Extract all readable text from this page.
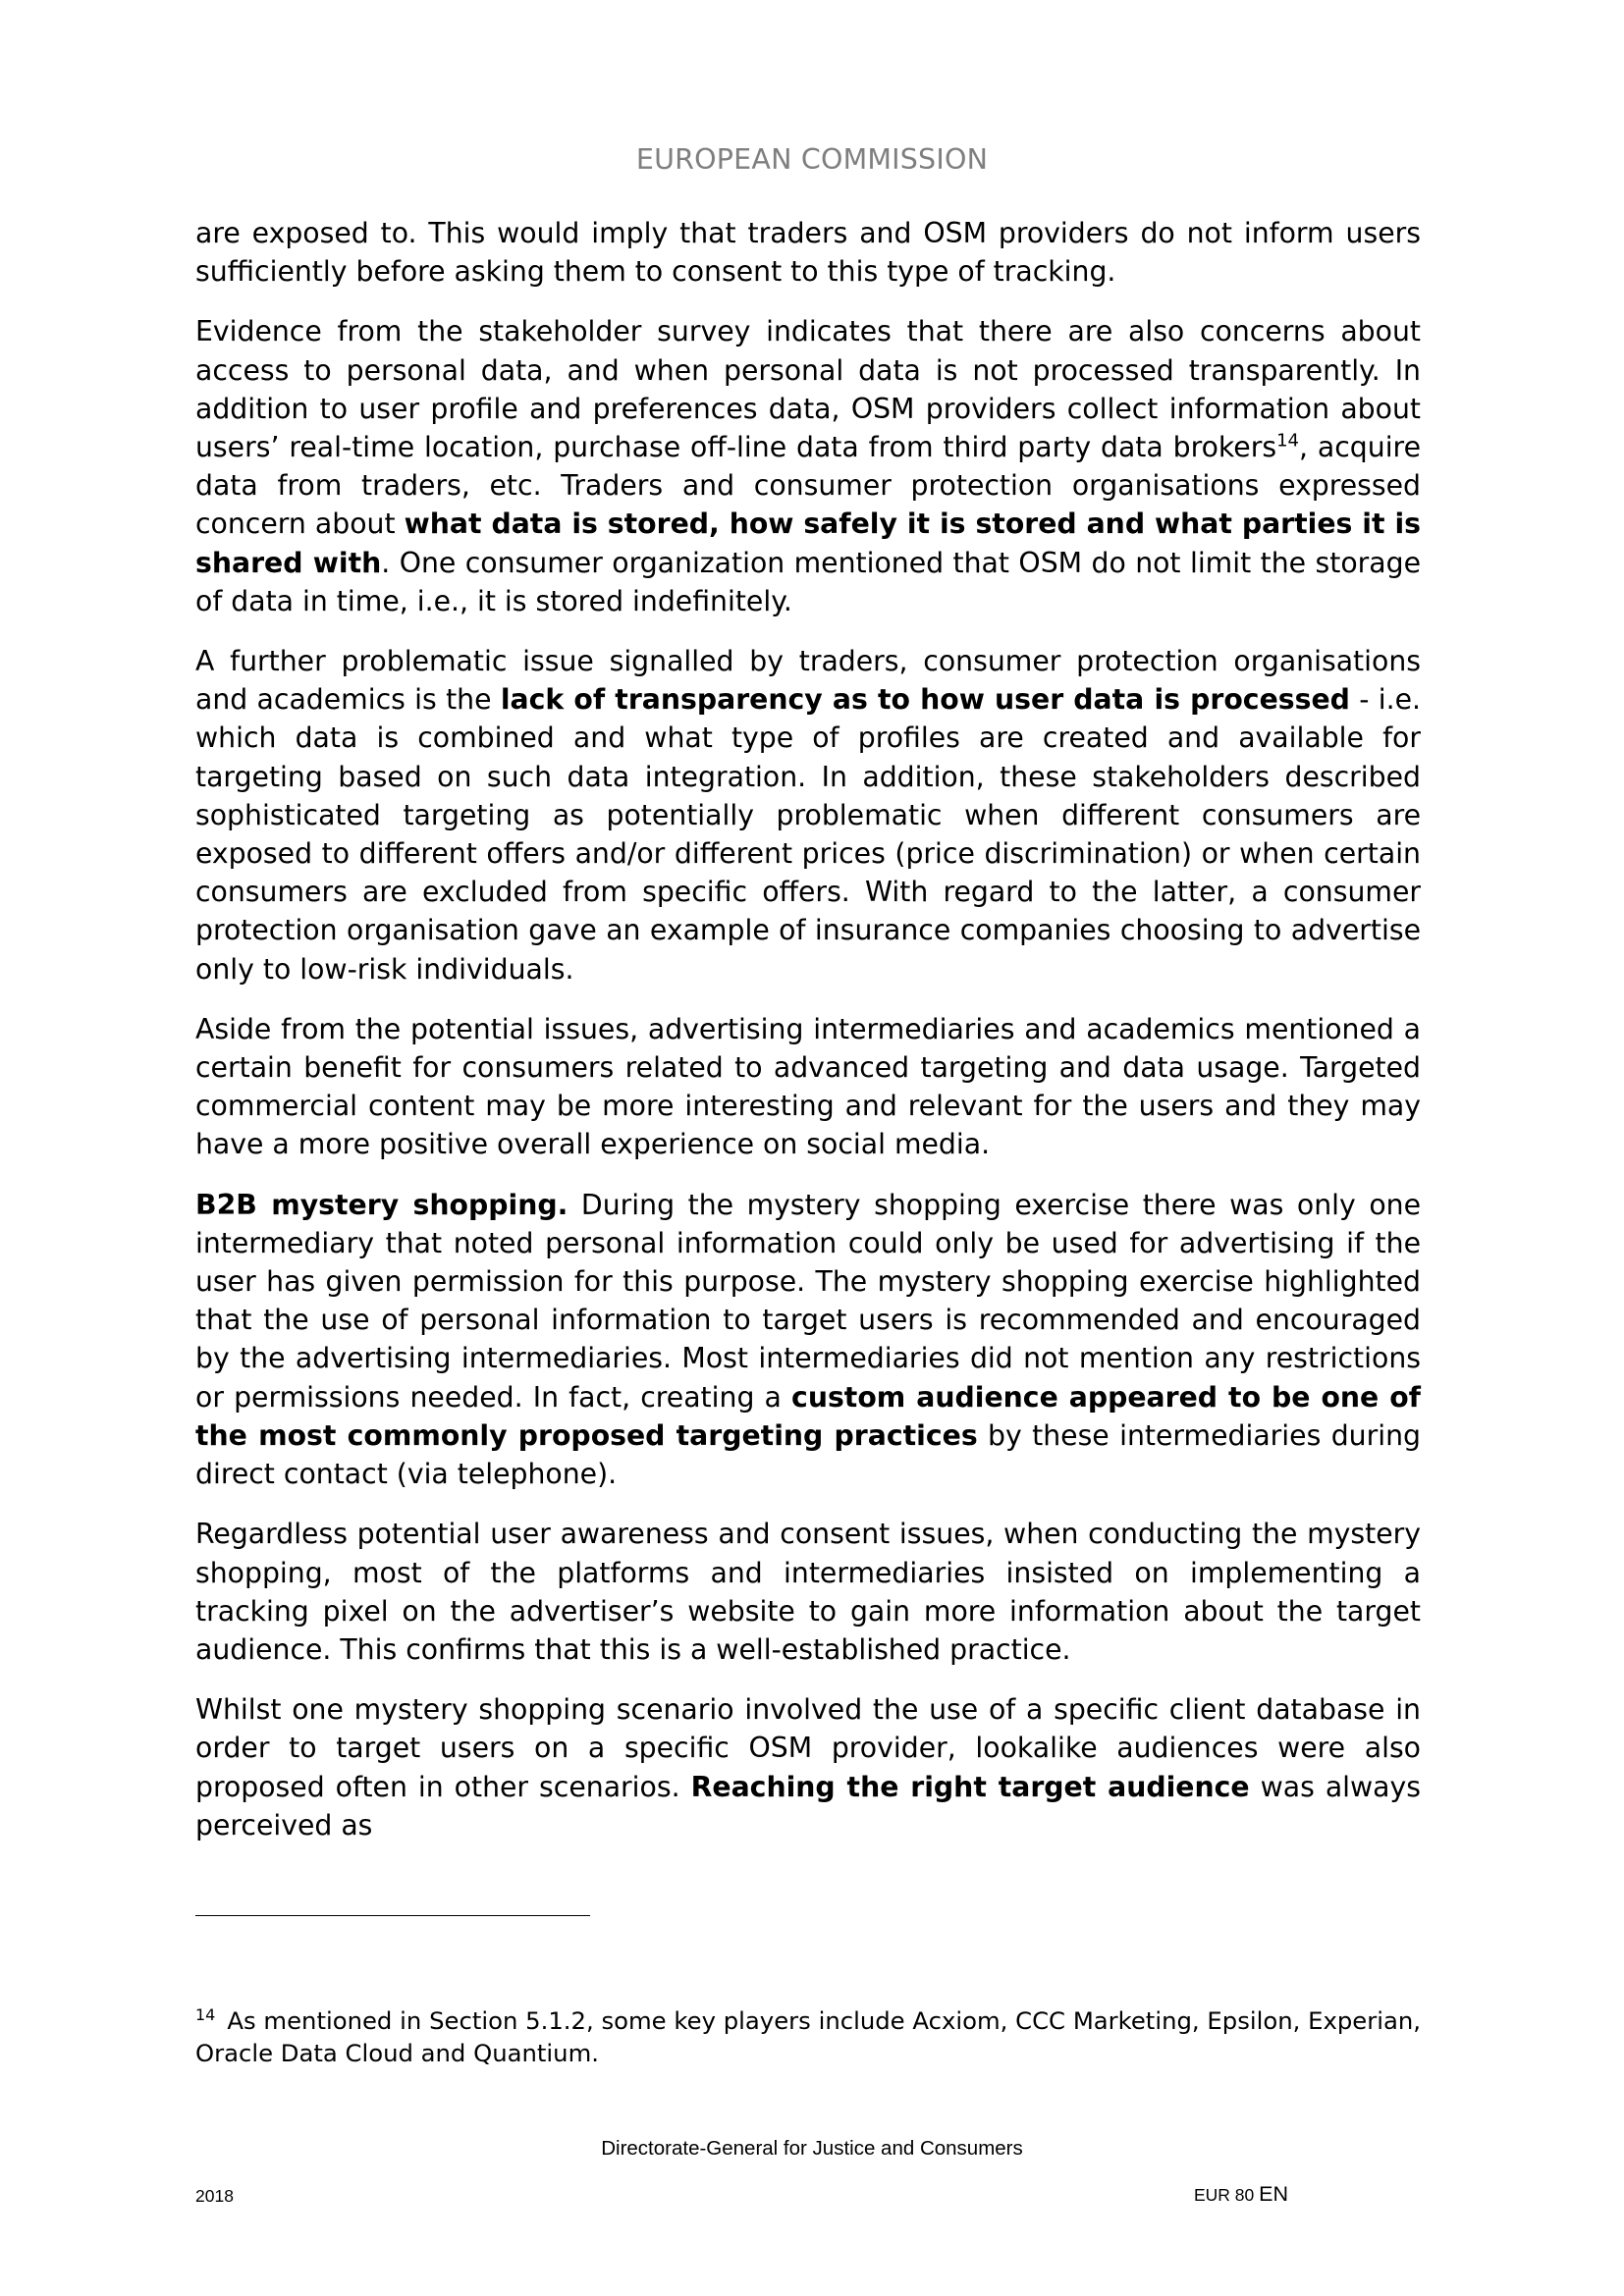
EUROPEAN COMMISSION

are exposed to. This would imply that traders and OSM providers do not inform users sufficiently before asking them to consent to this type of tracking.

Evidence from the stakeholder survey indicates that there are also concerns about access to personal data, and when personal data is not processed transparently. In addition to user profile and preferences data, OSM providers collect information about users’ real-time location, purchase off-line data from third party data brokers$^{14}$, acquire data from traders, etc. Traders and consumer protection organisations expressed concern about what data is stored, how safely it is stored and what parties it is shared with. One consumer organization mentioned that OSM do not limit the storage of data in time, i.e., it is stored indefinitely.

A further problematic issue signalled by traders, consumer protection organisations and academics is the lack of transparency as to how user data is processed - i.e. which data is combined and what type of profiles are created and available for targeting based on such data integration. In addition, these stakeholders described sophisticated targeting as potentially problematic when different consumers are exposed to different offers and/or different prices (price discrimination) or when certain consumers are excluded from specific offers. With regard to the latter, a consumer protection organisation gave an example of insurance companies choosing to advertise only to low-risk individuals.

Aside from the potential issues, advertising intermediaries and academics mentioned a certain benefit for consumers related to advanced targeting and data usage. Targeted commercial content may be more interesting and relevant for the users and they may have a more positive overall experience on social media.

B2B mystery shopping. During the mystery shopping exercise there was only one intermediary that noted personal information could only be used for advertising if the user has given permission for this purpose. The mystery shopping exercise highlighted that the use of personal information to target users is recommended and encouraged by the advertising intermediaries. Most intermediaries did not mention any restrictions or permissions needed. In fact, creating a custom audience appeared to be one of the most commonly proposed targeting practices by these intermediaries during direct contact (via telephone).

Regardless potential user awareness and consent issues, when conducting the mystery shopping, most of the platforms and intermediaries insisted on implementing a tracking pixel on the advertiser’s website to gain more information about the target audience. This confirms that this is a well-established practice.

Whilst one mystery shopping scenario involved the use of a specific client database in order to target users on a specific OSM provider, lookalike audiences were also proposed often in other scenarios. Reaching the right target audience was always perceived as

$^{14}$ As mentioned in Section 5.1.2, some key players include Acxiom, CCC Marketing, Epsilon, Experian, Oracle Data Cloud and Quantium.

Directorate-General for Justice and Consumers
2018	EUR 80 EN
